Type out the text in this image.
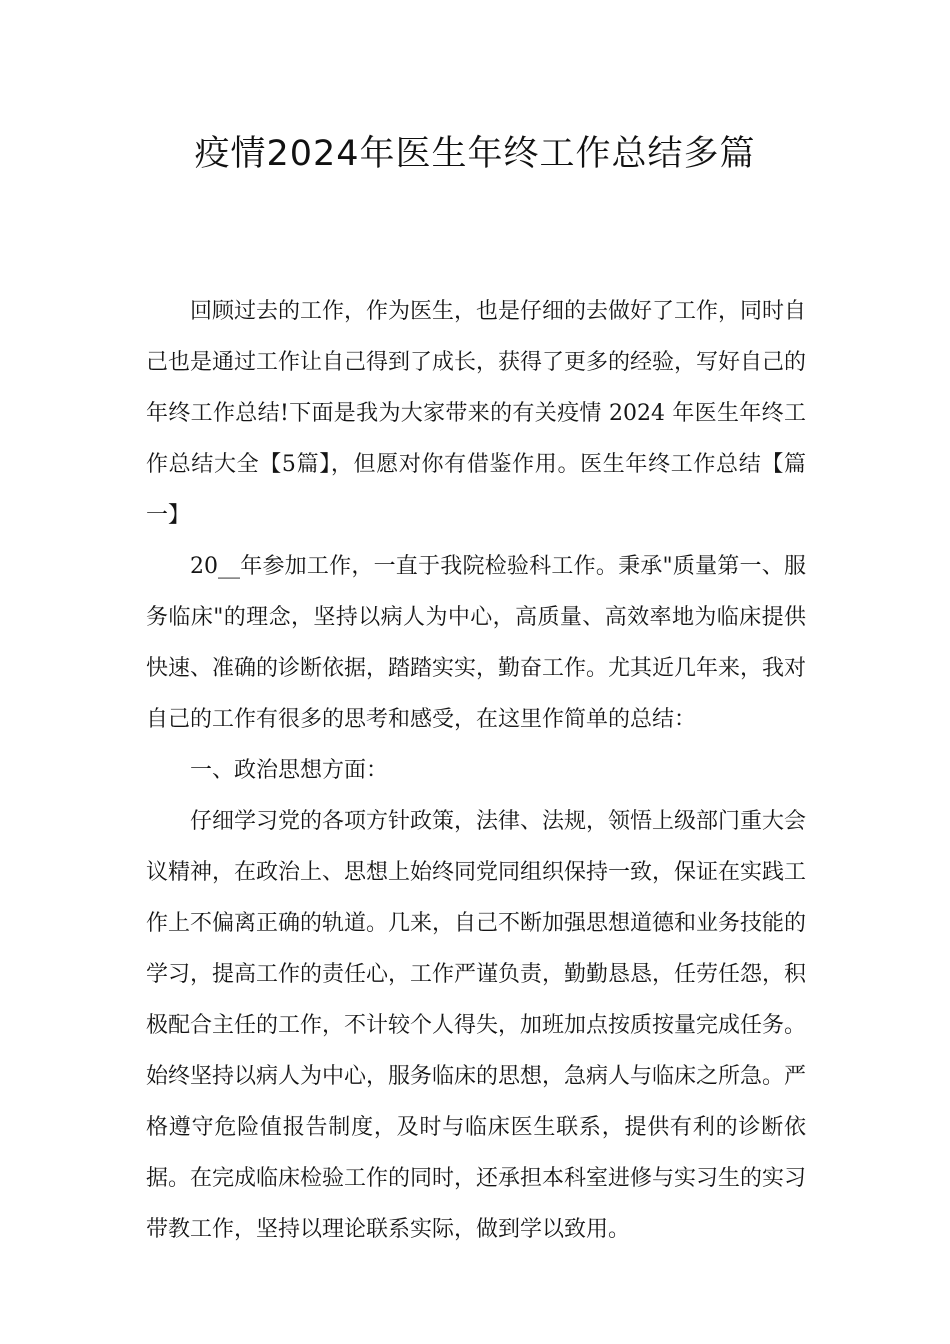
疫情2024年医生年终工作总结多篇

回顾过去的工作，作为医生，也是仔细的去做好了工作，同时自己也是通过工作让自己得到了成长，获得了更多的经验，写好自己的年终工作总结!下面是我为大家带来的有关疫情 2024 年医生年终工作总结大全【5篇】，但愿对你有借鉴作用。医生年终工作总结【篇一】

20__年参加工作，一直于我院检验科工作。秉承"质量第一、服务临床"的理念，坚持以病人为中心，高质量、高效率地为临床提供快速、准确的诊断依据，踏踏实实，勤奋工作。尤其近几年来，我对自己的工作有很多的思考和感受，在这里作简单的总结：

一、政治思想方面：

仔细学习党的各项方针政策，法律、法规，领悟上级部门重大会议精神，在政治上、思想上始终同党同组织保持一致，保证在实践工作上不偏离正确的轨道。几来，自己不断加强思想道德和业务技能的学习，提高工作的责任心，工作严谨负责，勤勤恳恳，任劳任怨，积极配合主任的工作，不计较个人得失，加班加点按质按量完成任务。始终坚持以病人为中心，服务临床的思想，急病人与临床之所急。严格遵守危险值报告制度，及时与临床医生联系，提供有利的诊断依据。在完成临床检验工作的同时，还承担本科室进修与实习生的实习带教工作，坚持以理论联系实际，做到学以致用。
